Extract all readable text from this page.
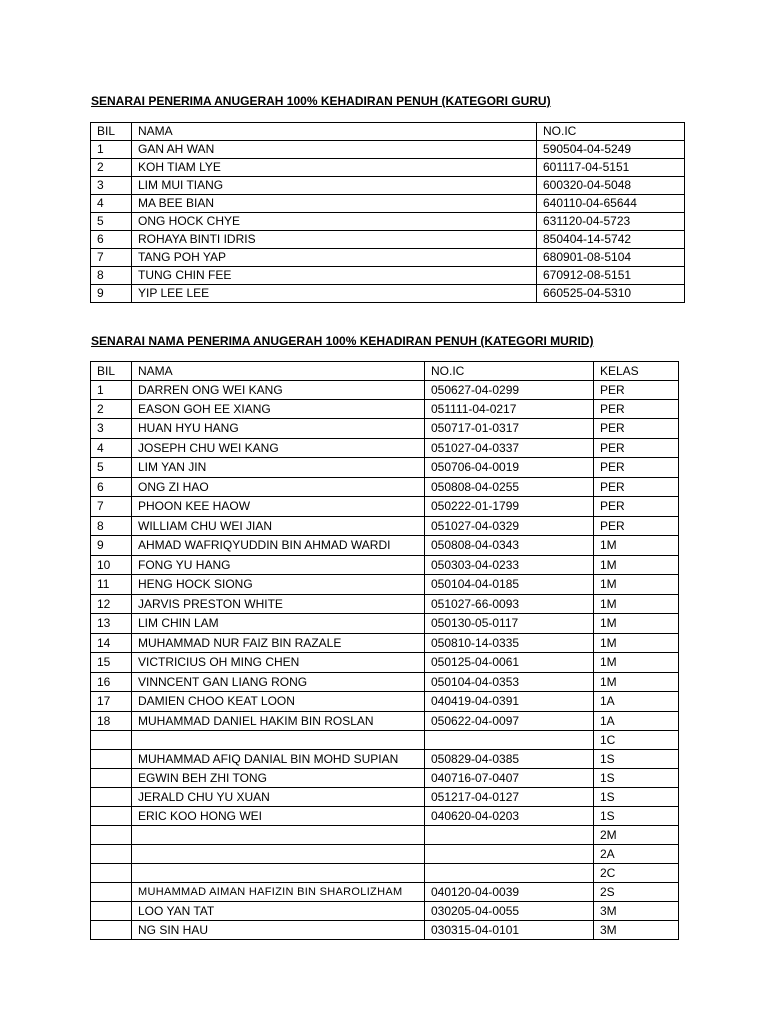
SENARAI PENERIMA ANUGERAH 100% KEHADIRAN PENUH (KATEGORI GURU)
BIL	NAMA	NO.IC
1	GAN AH WAN	590504-04-5249
2	KOH TIAM LYE	601117-04-5151
3	LIM MUI TIANG	600320-04-5048
4	MA BEE BIAN	640110-04-65644
5	ONG HOCK CHYE	631120-04-5723
6	ROHAYA BINTI IDRIS	850404-14-5742
7	TANG POH YAP	680901-08-5104
8	TUNG CHIN FEE	670912-08-5151
9	YIP LEE LEE	660525-04-5310
SENARAI NAMA PENERIMA ANUGERAH 100% KEHADIRAN PENUH (KATEGORI MURID)
BIL	NAMA	NO.IC	KELAS
1	DARREN ONG WEI KANG	050627-04-0299	PER
2	EASON GOH EE XIANG	051111-04-0217	PER
3	HUAN HYU HANG	050717-01-0317	PER
4	JOSEPH CHU WEI KANG	051027-04-0337	PER
5	LIM YAN JIN	050706-04-0019	PER
6	ONG ZI HAO	050808-04-0255	PER
7	PHOON KEE HAOW	050222-01-1799	PER
8	WILLIAM CHU WEI JIAN	051027-04-0329	PER
9	AHMAD WAFRIQYUDDIN BIN AHMAD WARDI	050808-04-0343	1M
10	FONG YU HANG	050303-04-0233	1M
11	HENG HOCK SIONG	050104-04-0185	1M
12	JARVIS PRESTON WHITE	051027-66-0093	1M
13	LIM CHIN LAM	050130-05-0117	1M
14	MUHAMMAD NUR FAIZ BIN RAZALE	050810-14-0335	1M
15	VICTRICIUS OH MING CHEN	050125-04-0061	1M
16	VINNCENT GAN LIANG RONG	050104-04-0353	1M
17	DAMIEN CHOO KEAT LOON	040419-04-0391	1A
18	MUHAMMAD DANIEL HAKIM BIN ROSLAN	050622-04-0097	1A
			1C
	MUHAMMAD AFIQ DANIAL BIN MOHD SUPIAN	050829-04-0385	1S
	EGWIN BEH ZHI TONG	040716-07-0407	1S
	JERALD CHU YU XUAN	051217-04-0127	1S
	ERIC KOO HONG WEI	040620-04-0203	1S
			2M
			2A
			2C
	MUHAMMAD AIMAN HAFIZIN BIN SHAROLIZHAM	040120-04-0039	2S
	LOO YAN TAT	030205-04-0055	3M
	NG SIN HAU	030315-04-0101	3M
